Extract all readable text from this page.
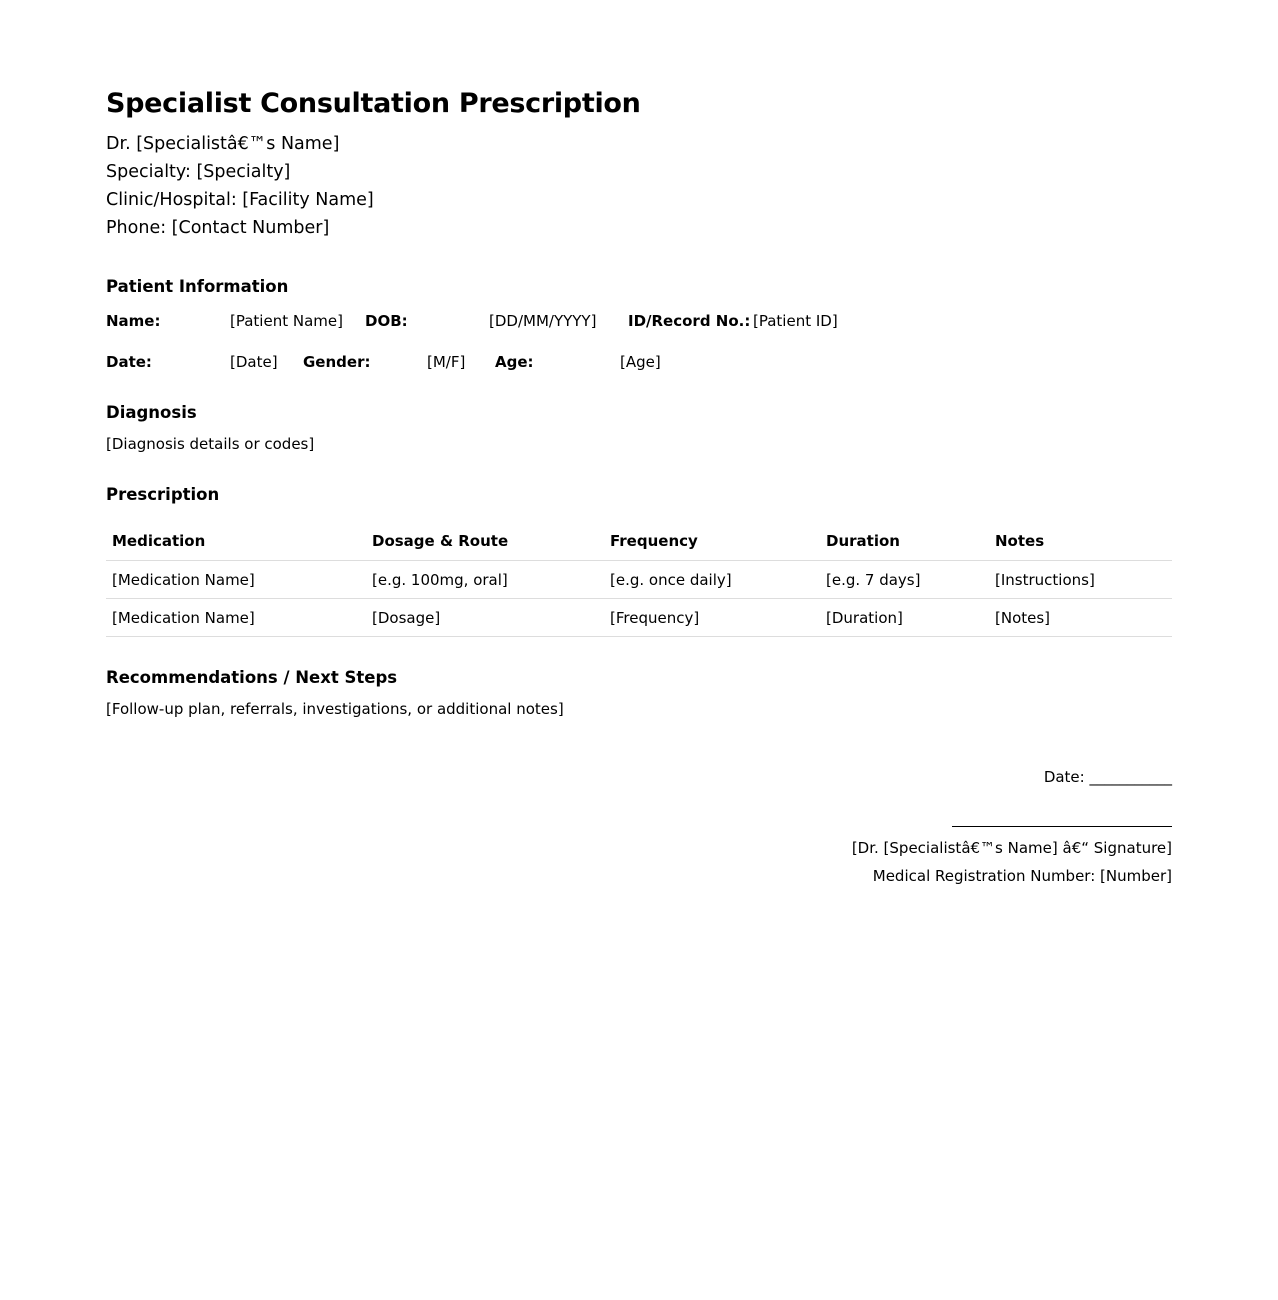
Specialist Consultation Prescription
Dr. [Specialistâ€™s Name]
Specialty: [Specialty]
Clinic/Hospital: [Facility Name]
Phone: [Contact Number]
Patient Information
Name:	[Patient Name]	DOB:	[DD/MM/YYYY]	ID/Record No.: [Patient ID]
Date:	[Date]	Gender:	[M/F]	Age:	[Age]
Diagnosis
[Diagnosis details or codes]
Prescription
Medication	Dosage & Route	Frequency	Duration	Notes
[Medication Name]	[e.g. 100mg, oral]	[e.g. once daily]	[e.g. 7 days]	[Instructions]
[Medication Name]	[Dosage]	[Frequency]	[Duration]	[Notes]
Recommendations / Next Steps
[Follow-up plan, referrals, investigations, or additional notes]
Date: ___________
[Dr. [Specialistâ€™s Name] â€“ Signature]
Medical Registration Number: [Number]
